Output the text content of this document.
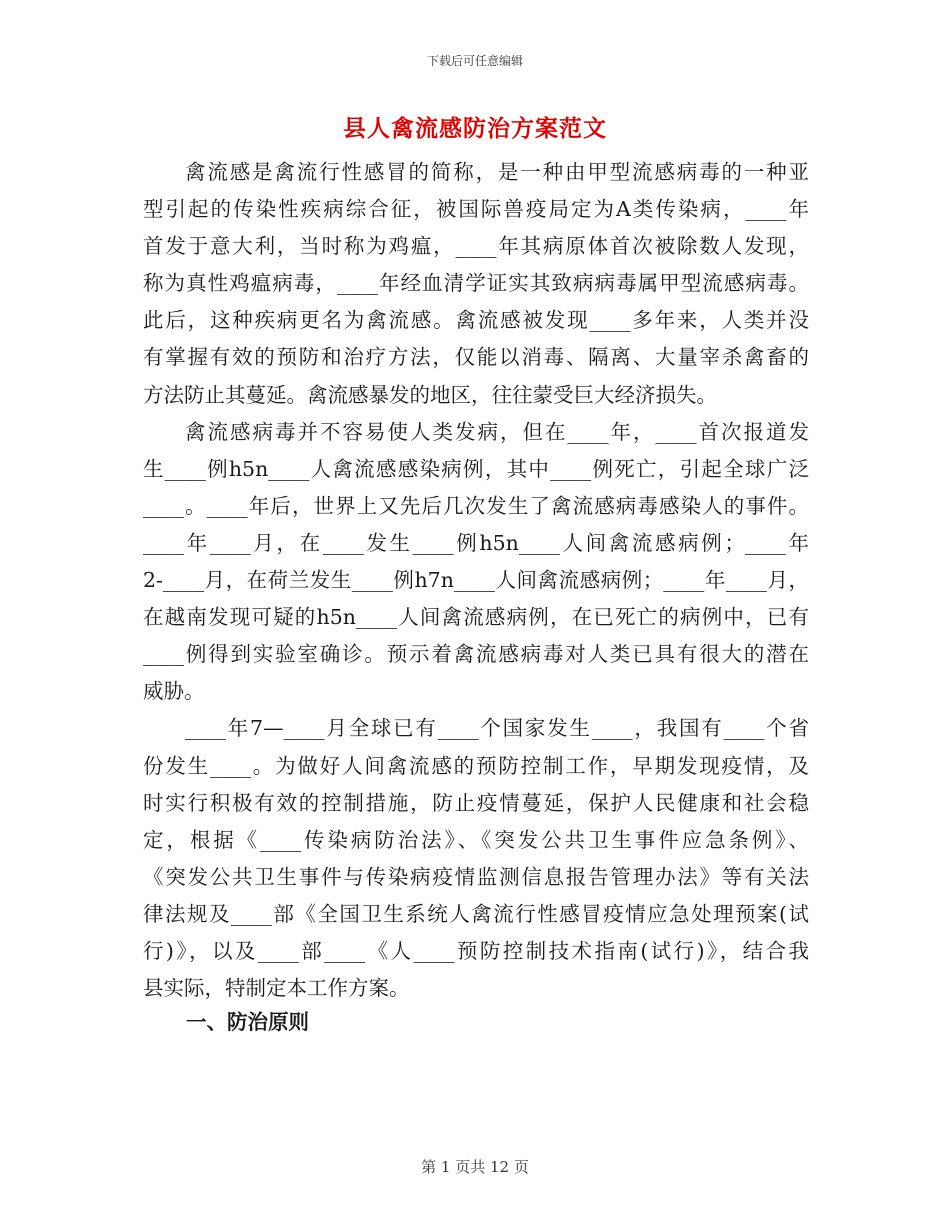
下载后可任意编辑
县人禽流感防治方案范文

禽流感是禽流行性感冒的简称，是一种由甲型流感病毒的一种亚
型引起的传染性疾病综合征，被国际兽疫局定为A类传染病，____年
首发于意大利，当时称为鸡瘟，____年其病原体首次被除数人发现，
称为真性鸡瘟病毒，____年经血清学证实其致病病毒属甲型流感病毒。
此后，这种疾病更名为禽流感。禽流感被发现____多年来，人类并没
有掌握有效的预防和治疗方法，仅能以消毒、隔离、大量宰杀禽畜的
方法防止其蔓延。禽流感暴发的地区，往往蒙受巨大经济损失。

禽流感病毒并不容易使人类发病，但在____年，____首次报道发
生____例h5n____人禽流感感染病例，其中____例死亡，引起全球广泛
____。____年后，世界上又先后几次发生了禽流感病毒感染人的事件。
____年____月，在____发生____例h5n____人间禽流感病例；____年
2-____月，在荷兰发生____例h7n____人间禽流感病例；____年____月，
在越南发现可疑的h5n____人间禽流感病例，在已死亡的病例中，已有
____例得到实验室确诊。预示着禽流感病毒对人类已具有很大的潜在
威胁。

____年7—____月全球已有____个国家发生____，我国有____个省
份发生____。为做好人间禽流感的预防控制工作，早期发现疫情，及
时实行积极有效的控制措施，防止疫情蔓延，保护人民健康和社会稳
定，根据《____传染病防治法》、《突发公共卫生事件应急条例》、
《突发公共卫生事件与传染病疫情监测信息报告管理办法》等有关法
律法规及____部《全国卫生系统人禽流行性感冒疫情应急处理预案(试
行)》，以及____部____《人____预防控制技术指南(试行)》，结合我
县实际，特制定本工作方案。

一、防治原则
第 1 页共 12 页
